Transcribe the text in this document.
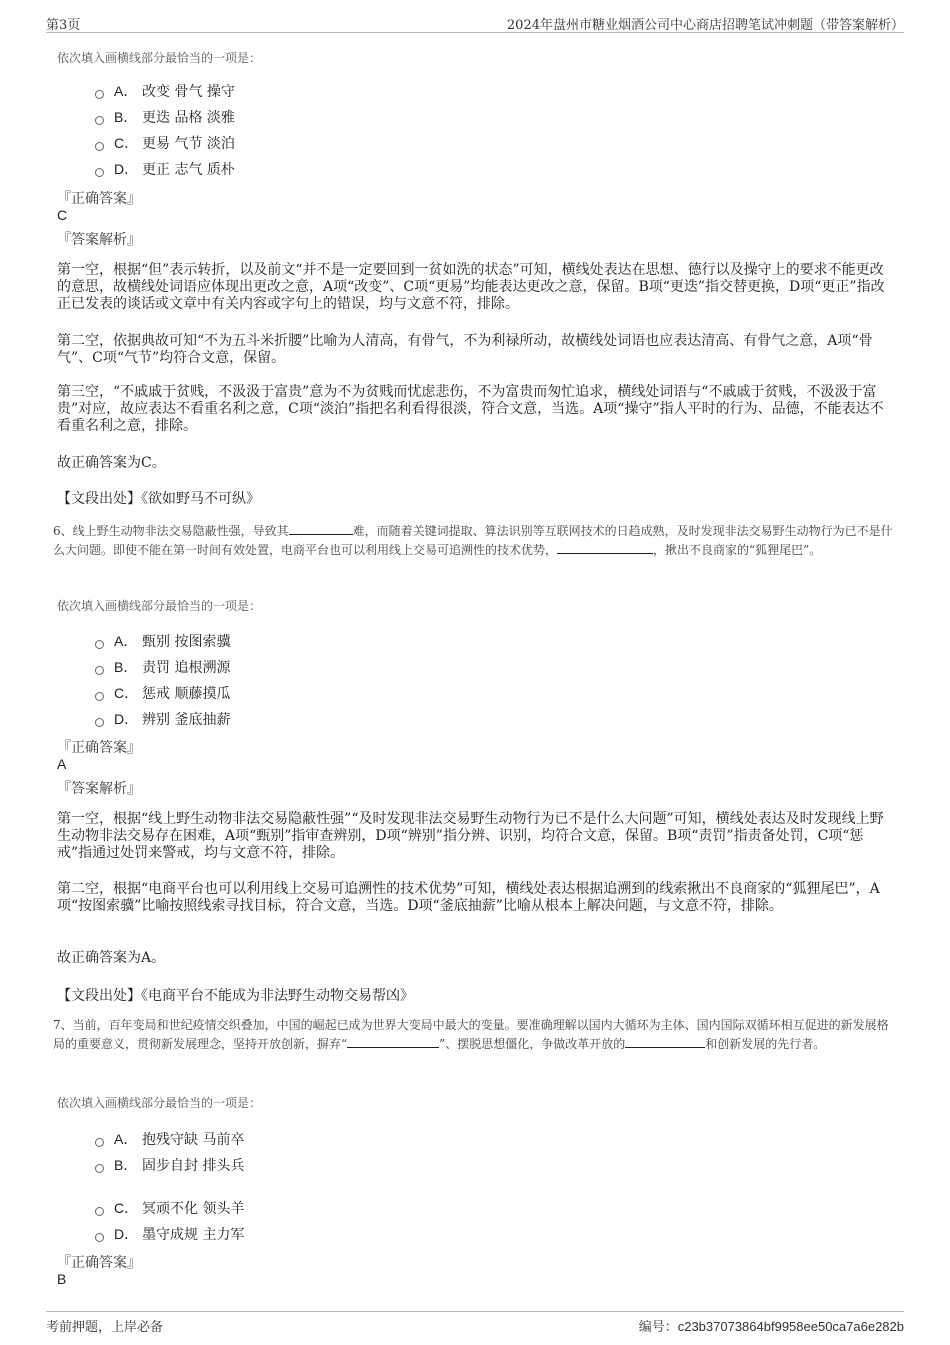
第3页	2024年盘州市糖业烟酒公司中心商店招聘笔试冲刺题（带答案解析）
依次填入画横线部分最恰当的一项是：
A． 改变 骨气 操守
B． 更迭 品格 淡雅
C． 更易 气节 淡泊
D． 更正 志气 质朴
『正确答案』
C
『答案解析』
第一空，根据“但”表示转折，以及前文“并不是一定要回到一贫如洗的状态”可知，横线处表达在思想、德行以及操守上的要求不能更改的意思，故横线处词语应体现出更改之意，A项“改变”、C项“更易”均能表达更改之意，保留。B项“更迭”指交替更换，D项“更正”指改正已发表的谈话或文章中有关内容或字句上的错误，均与文意不符，排除。
第二空，依据典故可知“不为五斗米折腰”比喻为人清高，有骨气，不为利禄所动，故横线处词语也应表达清高、有骨气之意，A项“骨气”、C项“气节”均符合文意，保留。
第三空，“不戚戚于贫贱，不汲汲于富贵”意为不为贫贱而忧虑悲伤，不为富贵而匆忙追求，横线处词语与“不戚戚于贫贱，不汲汲于富贵”对应，故应表达不看重名利之意，C项“淡泊”指把名利看得很淡，符合文意，当选。A项“操守”指人平时的行为、品德，不能表达不看重名利之意，排除。
故正确答案为C。
【文段出处】《欲如野马不可纵》
6、线上野生动物非法交易隐蔽性强，导致其	难，而随着关键词提取、算法识别等互联网技术的日趋成熟，及时发现非法交易野生动物行为已不是什么大问题。即使不能在第一时间有效处置，电商平台也可以利用线上交易可追溯性的技术优势，	，揪出不良商家的“狐狸尾巴”。
依次填入画横线部分最恰当的一项是：
A． 甄别 按图索骥
B． 责罚 追根溯源
C． 惩戒 顺藤摸瓜
D． 辨别 釜底抽薪
『正确答案』
A
『答案解析』
第一空，根据“线上野生动物非法交易隐蔽性强”“及时发现非法交易野生动物行为已不是什么大问题”可知，横线处表达及时发现线上野生动物非法交易存在困难，A项“甄别”指审查辨别，D项“辨别”指分辨、识别，均符合文意，保留。B项“责罚”指责备处罚，C项“惩戒”指通过处罚来警戒，均与文意不符，排除。
第二空，根据“电商平台也可以利用线上交易可追溯性的技术优势”可知，横线处表达根据追溯到的线索揪出不良商家的“狐狸尾巴”，A项“按图索骥”比喻按照线索寻找目标，符合文意，当选。D项“釜底抽薪”比喻从根本上解决问题，与文意不符，排除。
故正确答案为A。
【文段出处】《电商平台不能成为非法野生动物交易帮凶》
7、当前，百年变局和世纪疫情交织叠加，中国的崛起已成为世界大变局中最大的变量。要准确理解以国内大循环为主体、国内国际双循环相互促进的新发展格局的重要意义，贯彻新发展理念，坚持开放创新，摒弃“	”、摆脱思想僵化，争做改革开放的	和创新发展的先行者。
依次填入画横线部分最恰当的一项是：
A． 抱残守缺 马前卒
B． 固步自封 排头兵
C． 冥顽不化 领头羊
D． 墨守成规 主力军
『正确答案』
B
考前押题，上岸必备	编号：c23b37073864bf9958ee50ca7a6e282b
